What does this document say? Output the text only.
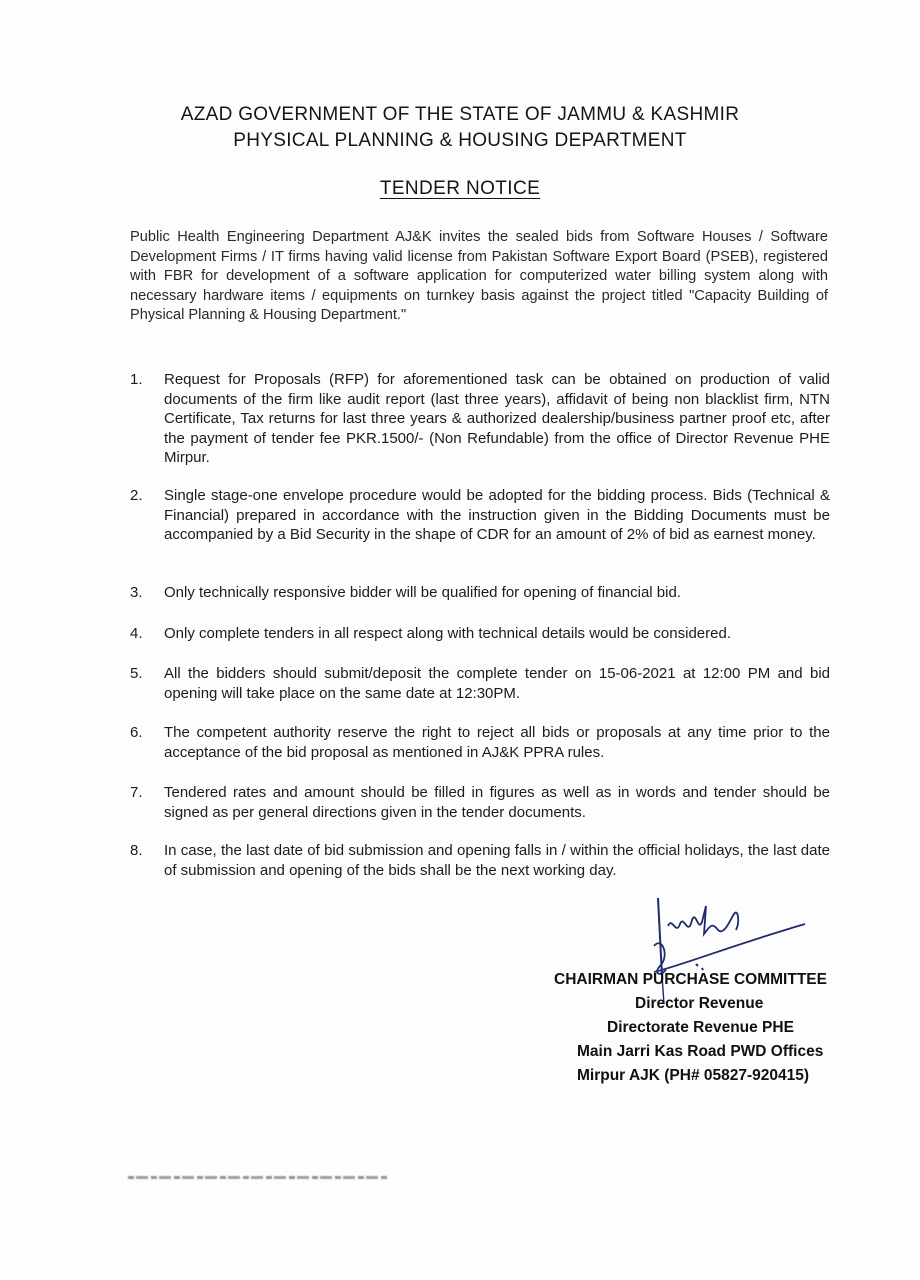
AZAD GOVERNMENT OF THE STATE OF JAMMU & KASHMIR
PHYSICAL PLANNING & HOUSING DEPARTMENT
TENDER NOTICE

Public Health Engineering Department AJ&K invites the sealed bids from Software Houses / Software Development Firms / IT firms having valid license from Pakistan Software Export Board (PSEB), registered with FBR for development of a software application for computerized water billing system along with necessary hardware items / equipments on turnkey basis against the project titled "Capacity Building of Physical Planning & Housing Department."

1.	Request for Proposals (RFP) for aforementioned task can be obtained on production of valid documents of the firm like audit report (last three years), affidavit of being non blacklist firm, NTN Certificate, Tax returns for last three years & authorized dealership/business partner proof etc, after the payment of tender fee PKR.1500/- (Non Refundable) from the office of Director Revenue PHE Mirpur.
2.	Single stage-one envelope procedure would be adopted for the bidding process. Bids (Technical & Financial) prepared in accordance with the instruction given in the Bidding Documents must be accompanied by a Bid Security in the shape of CDR for an amount of 2% of bid as earnest money.
3.	Only technically responsive bidder will be qualified for opening of financial bid.
4.	Only complete tenders in all respect along with technical details would be considered.
5.	All the bidders should submit/deposit the complete tender on 15-06-2021 at 12:00 PM and bid opening will take place on the same date at 12:30PM.
6.	The competent authority reserve the right to reject all bids or proposals at any time prior to the acceptance of the bid proposal as mentioned in AJ&K PPRA rules.
7.	Tendered rates and amount should be filled in figures as well as in words and tender should be signed as per general directions given in the tender documents.
8.	In case, the last date of bid submission and opening falls in / within the official holidays, the last date of submission and opening of the bids shall be the next working day.
CHAIRMAN PURCHASE COMMITTEE
Director Revenue
Directorate Revenue PHE
Main Jarri Kas Road PWD Offices
Mirpur AJK (PH# 05827-920415)
